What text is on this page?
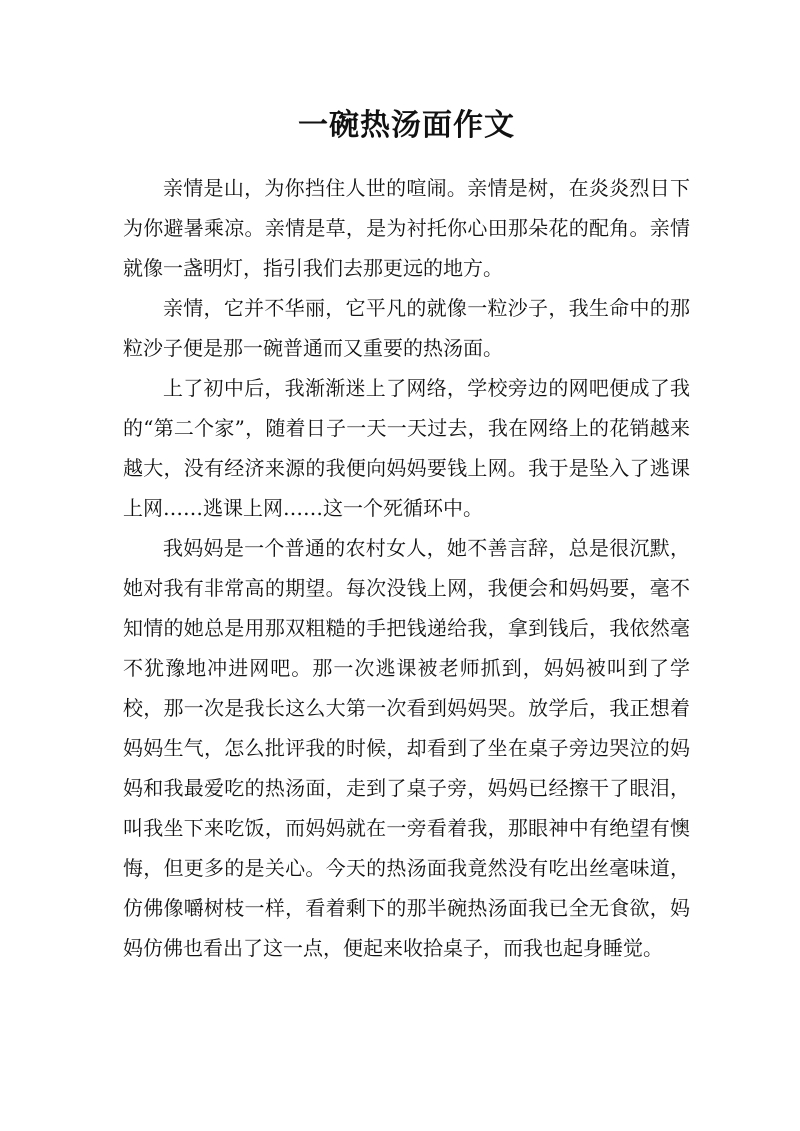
一碗热汤面作文

亲情是山，为你挡住人世的喧闹。亲情是树，在炎炎烈日下为你避暑乘凉。亲情是草，是为衬托你心田那朵花的配角。亲情就像一盏明灯，指引我们去那更远的地方。

亲情，它并不华丽，它平凡的就像一粒沙子，我生命中的那粒沙子便是那一碗普通而又重要的热汤面。

上了初中后，我渐渐迷上了网络，学校旁边的网吧便成了我的“第二个家”，随着日子一天一天过去，我在网络上的花销越来越大，没有经济来源的我便向妈妈要钱上网。我于是坠入了逃课上网……逃课上网……这一个死循环中。

我妈妈是一个普通的农村女人，她不善言辞，总是很沉默，她对我有非常高的期望。每次没钱上网，我便会和妈妈要，毫不知情的她总是用那双粗糙的手把钱递给我，拿到钱后，我依然毫不犹豫地冲进网吧。那一次逃课被老师抓到，妈妈被叫到了学校，那一次是我长这么大第一次看到妈妈哭。放学后，我正想着妈妈生气，怎么批评我的时候，却看到了坐在桌子旁边哭泣的妈妈和我最爱吃的热汤面，走到了桌子旁，妈妈已经擦干了眼泪，叫我坐下来吃饭，而妈妈就在一旁看着我，那眼神中有绝望有懊悔，但更多的是关心。今天的热汤面我竟然没有吃出丝毫味道，仿佛像嚼树枝一样，看着剩下的那半碗热汤面我已全无食欲，妈妈仿佛也看出了这一点，便起来收拾桌子，而我也起身睡觉。
